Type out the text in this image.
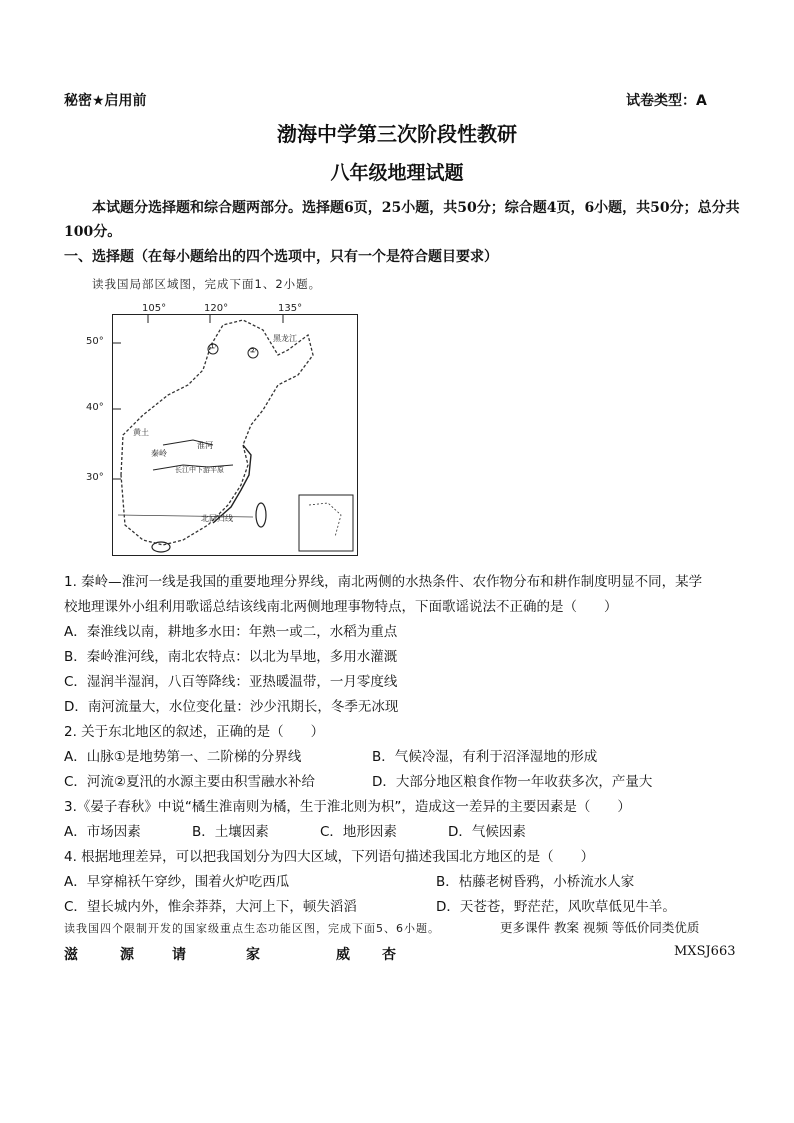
秘密★启用前	试卷类型：A
渤海中学第三次阶段性教研
八年级地理试题
本试题分选择题和综合题两部分。选择题6页，25小题，共50分；综合题4页，6小题，共50分；总分共100分。
一、选择题（在每小题给出的四个选项中，只有一个是符合题目要求）
读我国局部区域图，完成下面1、2小题。
105°	120°	135°
50°
40°
30°
①	②
黑龙江
黄土
秦岭
淮河
长江中下游平原
北回归线
1. 秦岭—淮河一线是我国的重要地理分界线，南北两侧的水热条件、农作物分布和耕作制度明显不同，某学
校地理课外小组利用歌谣总结该线南北两侧地理事物特点，下面歌谣说法不正确的是（　　）
A．秦淮线以南，耕地多水田：年熟一或二，水稻为重点
B．秦岭淮河线，南北农特点：以北为旱地，多用水灌溉
C．湿润半湿润，八百等降线：亚热暖温带，一月零度线
D．南河流量大，水位变化量：沙少汛期长，冬季无冰现
2. 关于东北地区的叙述，正确的是（　　）
A．山脉①是地势第一、二阶梯的分界线	B．气候冷湿，有利于沼泽湿地的形成
C．河流②夏汛的水源主要由积雪融水补给	D．大部分地区粮食作物一年收获多次，产量大
3.《晏子春秋》中说“橘生淮南则为橘，生于淮北则为枳”，造成这一差异的主要因素是（　　）
A．市场因素	B．土壤因素	C．地形因素	D．气候因素
4. 根据地理差异，可以把我国划分为四大区域，下列语句描述我国北方地区的是（　　）
A．早穿棉袄午穿纱，围着火炉吃西瓜	B．枯藤老树昏鸦，小桥流水人家
C．望长城内外，惟余莽莽，大河上下，顿失滔滔	D．天苍苍，野茫茫，风吹草低见牛羊。
读我国四个限制开发的国家级重点生态功能区图，完成下面5、6小题。	更多课件 教案 视频 等低价同类优质
滋	源	请	家	威 杏	MXSJ663
